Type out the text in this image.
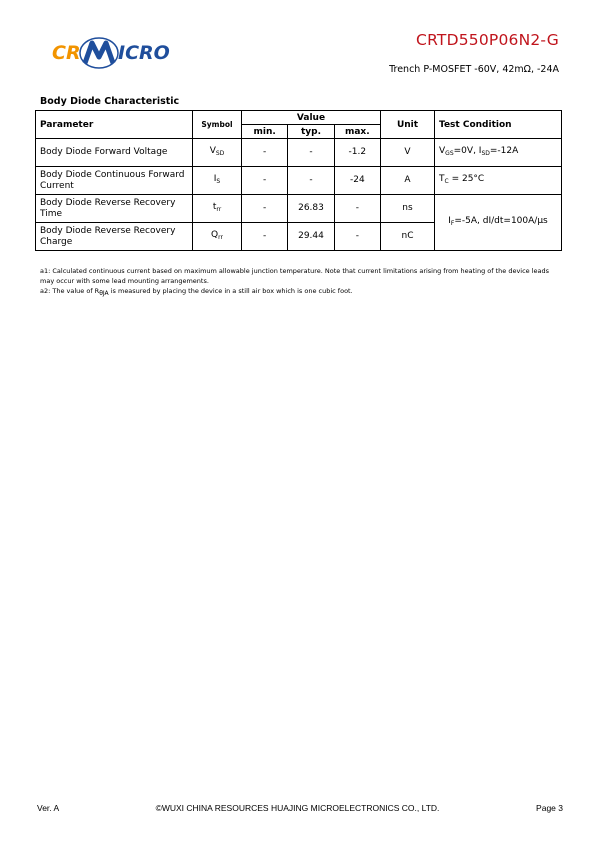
CR ICRO
CRTD550P06N2-G
Trench P-MOSFET -60V, 42mΩ, -24A
Body Diode Characteristic
Parameter	Symbol	Value			Unit	Test Condition
		min.	typ.	max.		
Body Diode Forward Voltage	$V_{SD}$	-	-	-1.2	V	$V_{GS}=0V$, $I_{SD}=-12A$
Body Diode Continuous Forward Current	$I_S$	-	-	-24	A	$T_C = 25^\circ C$
Body Diode Reverse Recovery Time	$t_{rr}$	-	26.83	-	ns	$I_F=-5A$, dI/dt=100A/μs
Body Diode Reverse Recovery Charge	$Q_{rr}$	-	29.44	-	nC	

a1: Calculated continuous current based on maximum allowable junction temperature. Note that current limitations arising from heating of the device leads may occur with some lead mounting arrangements.

a2: The value of $R_{\theta JA}$ is measured by placing the device in a still air box which is one cubic foot.

©WUXI CHINA RESOURCES HUAJING MICROELECTRONICS CO., LTD.
Ver. A	Page 3
